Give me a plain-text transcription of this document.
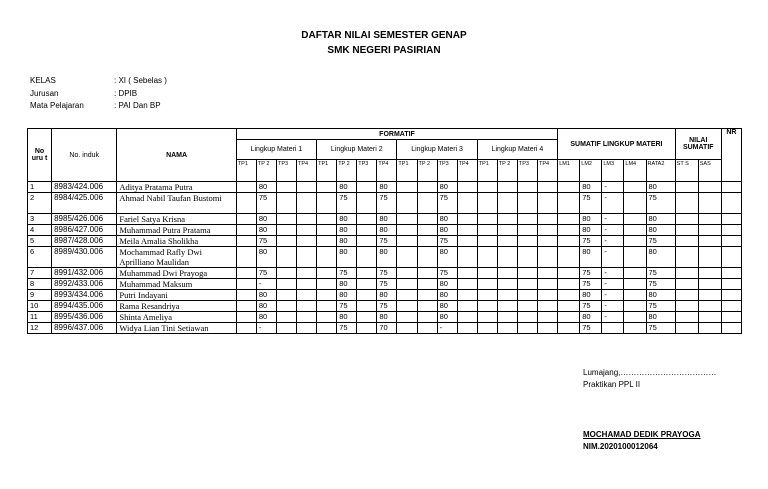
DAFTAR NILAI SEMESTER GENAP
SMK NEGERI PASIRIAN
KELAS	: XI ( Sebelas )
Jurusan	: DPIB
Mata Pelajaran	: PAI Dan BP
No uru t	No. induk	NAMA	FORMATIF																SUMATIF LINGKUP MATERI					NILAI SUMATIF		NR
			Lingkup Materi 1				Lingkup Materi 2				Lingkup Materi 3				Lingkup Materi 4											
			TP1	TP 2	TP3	TP4	TP1	TP 2	TP3	TP4	TP1	TP 2	TP3	TP4	TP1	TP 2	TP3	TP4	LM1	LM2	LM3	LM4	RATA2	ST S	SAS	
1	8983/424.006	Aditya Pratama Putra		80				80		80			80							80	-		80			
2	8984/425.006	Ahmad Nabil Taufan Bustomi		75				75		75			75							75	-		75			
3	8985/426.006	Fariel Satya Krisna		80				80		80			80							80	-		80			
4	8986/427.006	Muhammad Putra Pratama		80				80		80			80							80	-		80			
5	8987/428.006	Meila Amalia Sholikha		75				80		75			75							75	-		75			
6	8989/430.006	Mochammad Rafly Dwi Aprilliano Maulidan		80				80		80			80							80	-		80			
7	8991/432.006	Muhammad Dwi Prayoga		75				75		75			75							75	-		75			
8	8992/433.006	Muhammad Maksum		-				80		75			80							75	-		75			
9	8993/434.006	Putri Indayani		80				80		80			80							80	-		80			
10	8994/435.006	Rama Resandriya		80				75		75			80							75	-		75			
11	8995/436.006	Shinta Ameliya		80				80		80			80							80	-		80			
12	8996/437.006	Widya Lian Tini Setiawan		-				75		70			-							75			75			
Lumajang,………………………………
Praktikan PPL II
MOCHAMAD DEDIK PRAYOGA
NIM.2020100012064
